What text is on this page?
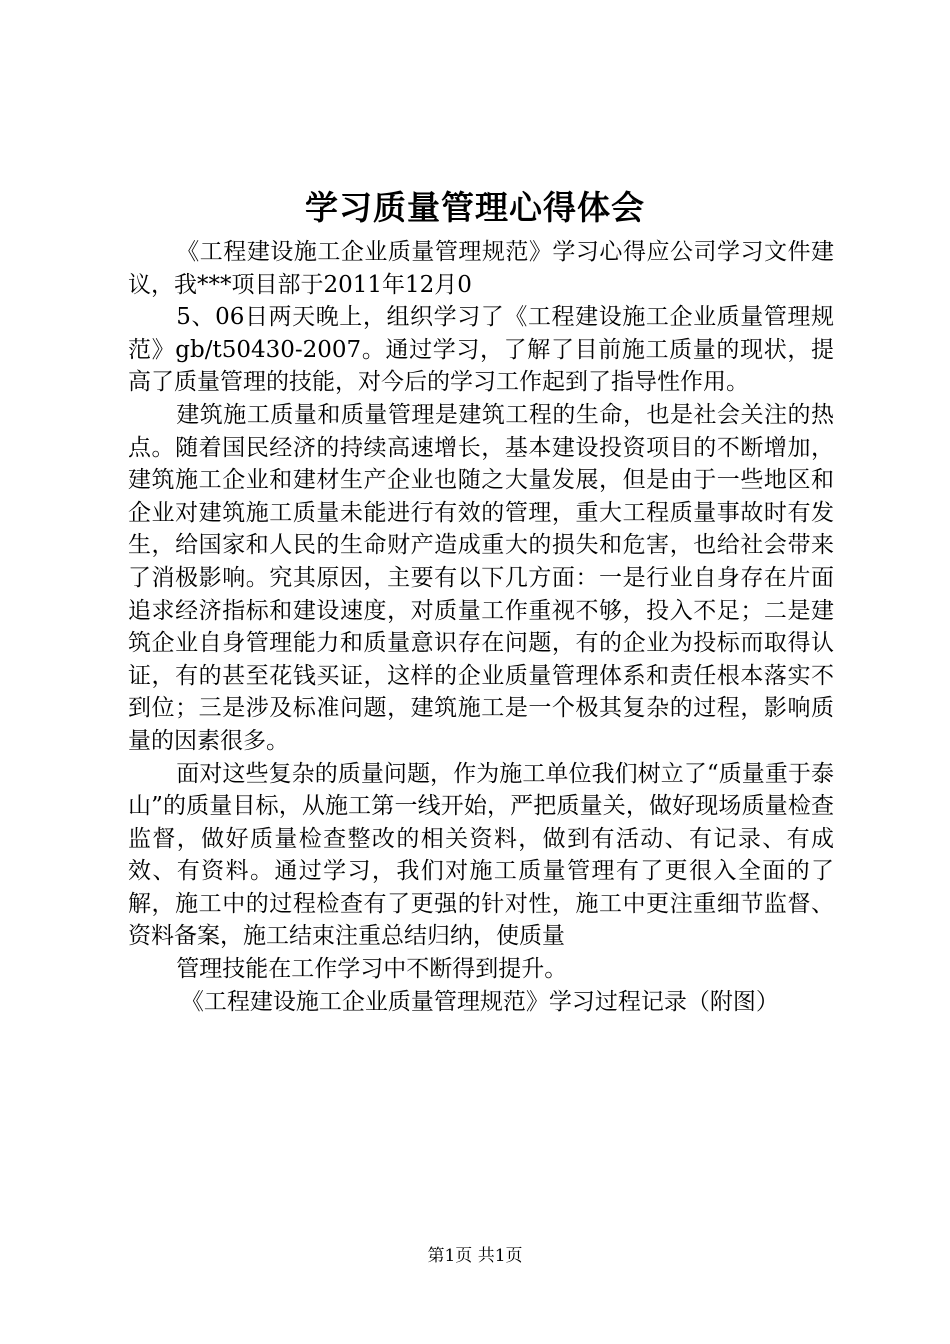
学习质量管理心得体会

《工程建设施工企业质量管理规范》学习心得应公司学习文件建议，我***项目部于2011年12月0

5、06日两天晚上，组织学习了《工程建设施工企业质量管理规范》gb/t50430-2007。通过学习，了解了目前施工质量的现状，提高了质量管理的技能，对今后的学习工作起到了指导性作用。

建筑施工质量和质量管理是建筑工程的生命，也是社会关注的热点。随着国民经济的持续高速增长，基本建设投资项目的不断增加，建筑施工企业和建材生产企业也随之大量发展，但是由于一些地区和企业对建筑施工质量未能进行有效的管理，重大工程质量事故时有发生，给国家和人民的生命财产造成重大的损失和危害，也给社会带来了消极影响。究其原因，主要有以下几方面：一是行业自身存在片面追求经济指标和建设速度，对质量工作重视不够，投入不足；二是建筑企业自身管理能力和质量意识存在问题，有的企业为投标而取得认证，有的甚至花钱买证，这样的企业质量管理体系和责任根本落实不到位；三是涉及标准问题，建筑施工是一个极其复杂的过程，影响质量的因素很多。

面对这些复杂的质量问题，作为施工单位我们树立了“质量重于泰山”的质量目标，从施工第一线开始，严把质量关，做好现场质量检查监督，做好质量检查整改的相关资料，做到有活动、有记录、有成效、有资料。通过学习，我们对施工质量管理有了更很入全面的了解，施工中的过程检查有了更强的针对性，施工中更注重细节监督、资料备案，施工结束注重总结归纳，使质量

管理技能在工作学习中不断得到提升。

《工程建设施工企业质量管理规范》学习过程记录（附图）

第1页 共1页
